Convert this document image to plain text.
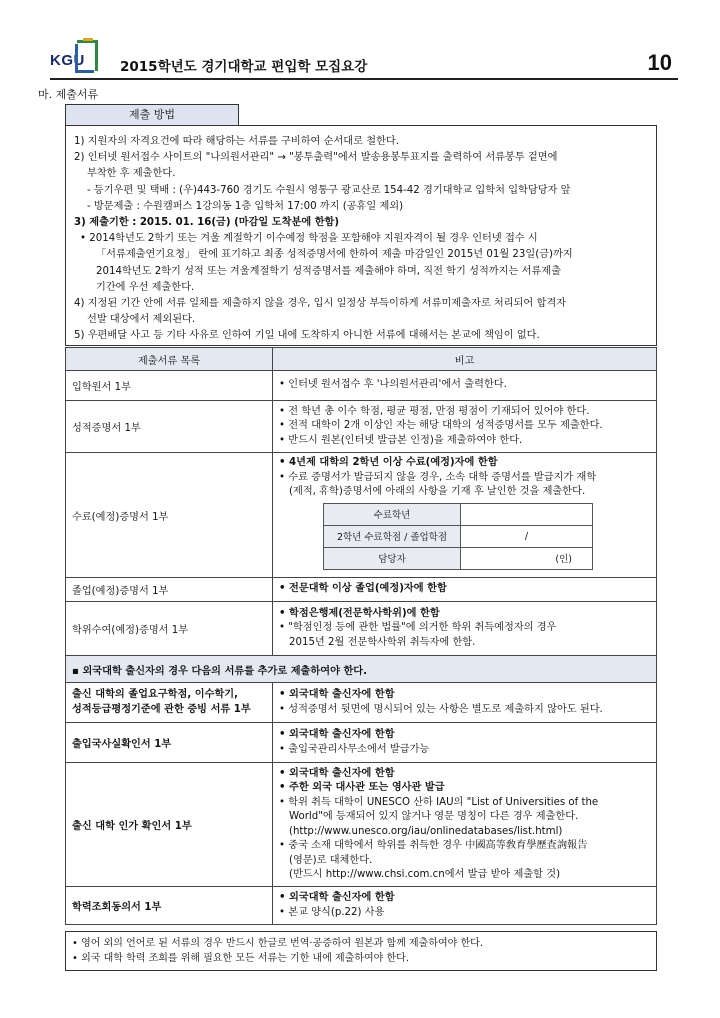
KGU	2015학년도 경기대학교 편입학 모집요강	10
마. 제출서류
제출 방법
1) 지원자의 자격요건에 따라 해당하는 서류를 구비하여 순서대로 철한다.
2) 인터넷 원서접수 사이트의 "나의원서관리" → "봉투출력"에서 발송용봉투표지를 출력하여 서류봉투 겉면에
부착한 후 제출한다.
- 등기우편 및 택배 : (우)443-760 경기도 수원시 영통구 광교산로 154-42 경기대학교 입학처 입학담당자 앞
- 방문제출 : 수원캠퍼스 1강의동 1층 입학처 17:00 까지 (공휴일 제외)
3) 제출기한 : 2015. 01. 16(금) (마감일 도착분에 한함)
• 2014학년도 2학기 또는 겨울 계절학기 이수예정 학점을 포함해야 지원자격이 될 경우 인터넷 접수 시
「서류제출연기요청」 란에 표기하고 최종 성적증명서에 한하여 제출 마감일인 2015년 01월 23일(금)까지
2014학년도 2학기 성적 또는 겨울계절학기 성적증명서를 제출해야 하며, 직전 학기 성적까지는 서류제출
기간에 우선 제출한다.
4) 지정된 기간 안에 서류 일체를 제출하지 않을 경우, 입시 일정상 부득이하게 서류미제출자로 처리되어 합격자
선발 대상에서 제외된다.
5) 우편배달 사고 등 기타 사유로 인하여 기일 내에 도착하지 아니한 서류에 대해서는 본교에 책임이 없다.
제출서류 목록	비고
입학원서 1부	• 인터넷 원서접수 후 '나의원서관리'에서 출력한다.

성적증명서 1부	
• 전 학년 총 이수 학점, 평균 평점, 만점 평점이 기재되어 있어야 한다.
• 전적 대학이 2개 이상인 자는 해당 대학의 성적증명서를 모두 제출한다.
• 반드시 원본(인터넷 발급본 인정)을 제출하여야 한다.

수료(예정)증명서 1부	
• 4년제 대학의 2학년 이상 수료(예정)자에 한함
• 수료 증명서가 발급되지 않을 경우, 소속 대학 증명서를 발급지가 재학
(제적, 휴학)증명서에 아래의 사항을 기재 후 날인한 것을 제출한다.
수료학년	
2학년 수료학점 / 졸업학점	/
담당자	(인)

졸업(예정)증명서 1부	• 전문대학 이상 졸업(예정)자에 한함

학위수여(예정)증명서 1부	
• 학점은행제(전문학사학위)에 한함
• "학점인정 등에 관한 법률"에 의거한 학위 취득예정자의 경우
2015년 2월 전문학사학위 취득자에 한함.

▪ 외국대학 출신자의 경우 다음의 서류를 추가로 제출하여야 한다.

출신 대학의 졸업요구학점, 이수학기,
성적등급평정기준에 관한 증빙 서류 1부

• 외국대학 출신자에 한함
• 성적증명서 뒷면에 명시되어 있는 사항은 별도로 제출하지 않아도 된다.

출입국사실확인서 1부	
• 외국대학 출신자에 한함
• 출입국관리사무소에서 발급가능

출신 대학 인가 확인서 1부	
• 외국대학 출신자에 한함
• 주한 외국 대사관 또는 영사관 발급
• 학위 취득 대학이 UNESCO 산하 IAU의 "List of Universities of the
World"에 등재되어 있지 않거나 영문 명칭이 다른 경우 제출한다.
(http://www.unesco.org/iau/onlinedatabases/list.html)
• 중국 소재 대학에서 학위를 취득한 경우 中國高等敎育學歷査詢報告
(영문)로 대체한다.
(반드시 http://www.chsi.com.cn에서 발급 받아 제출할 것)

학력조회동의서 1부	
• 외국대학 출신자에 한함
• 본교 양식(p.22) 사용
• 영어 외의 언어로 된 서류의 경우 반드시 한글로 번역·공증하여 원본과 함께 제출하여야 한다.
• 외국 대학 학력 조회를 위해 필요한 모든 서류는 기한 내에 제출하여야 한다.
